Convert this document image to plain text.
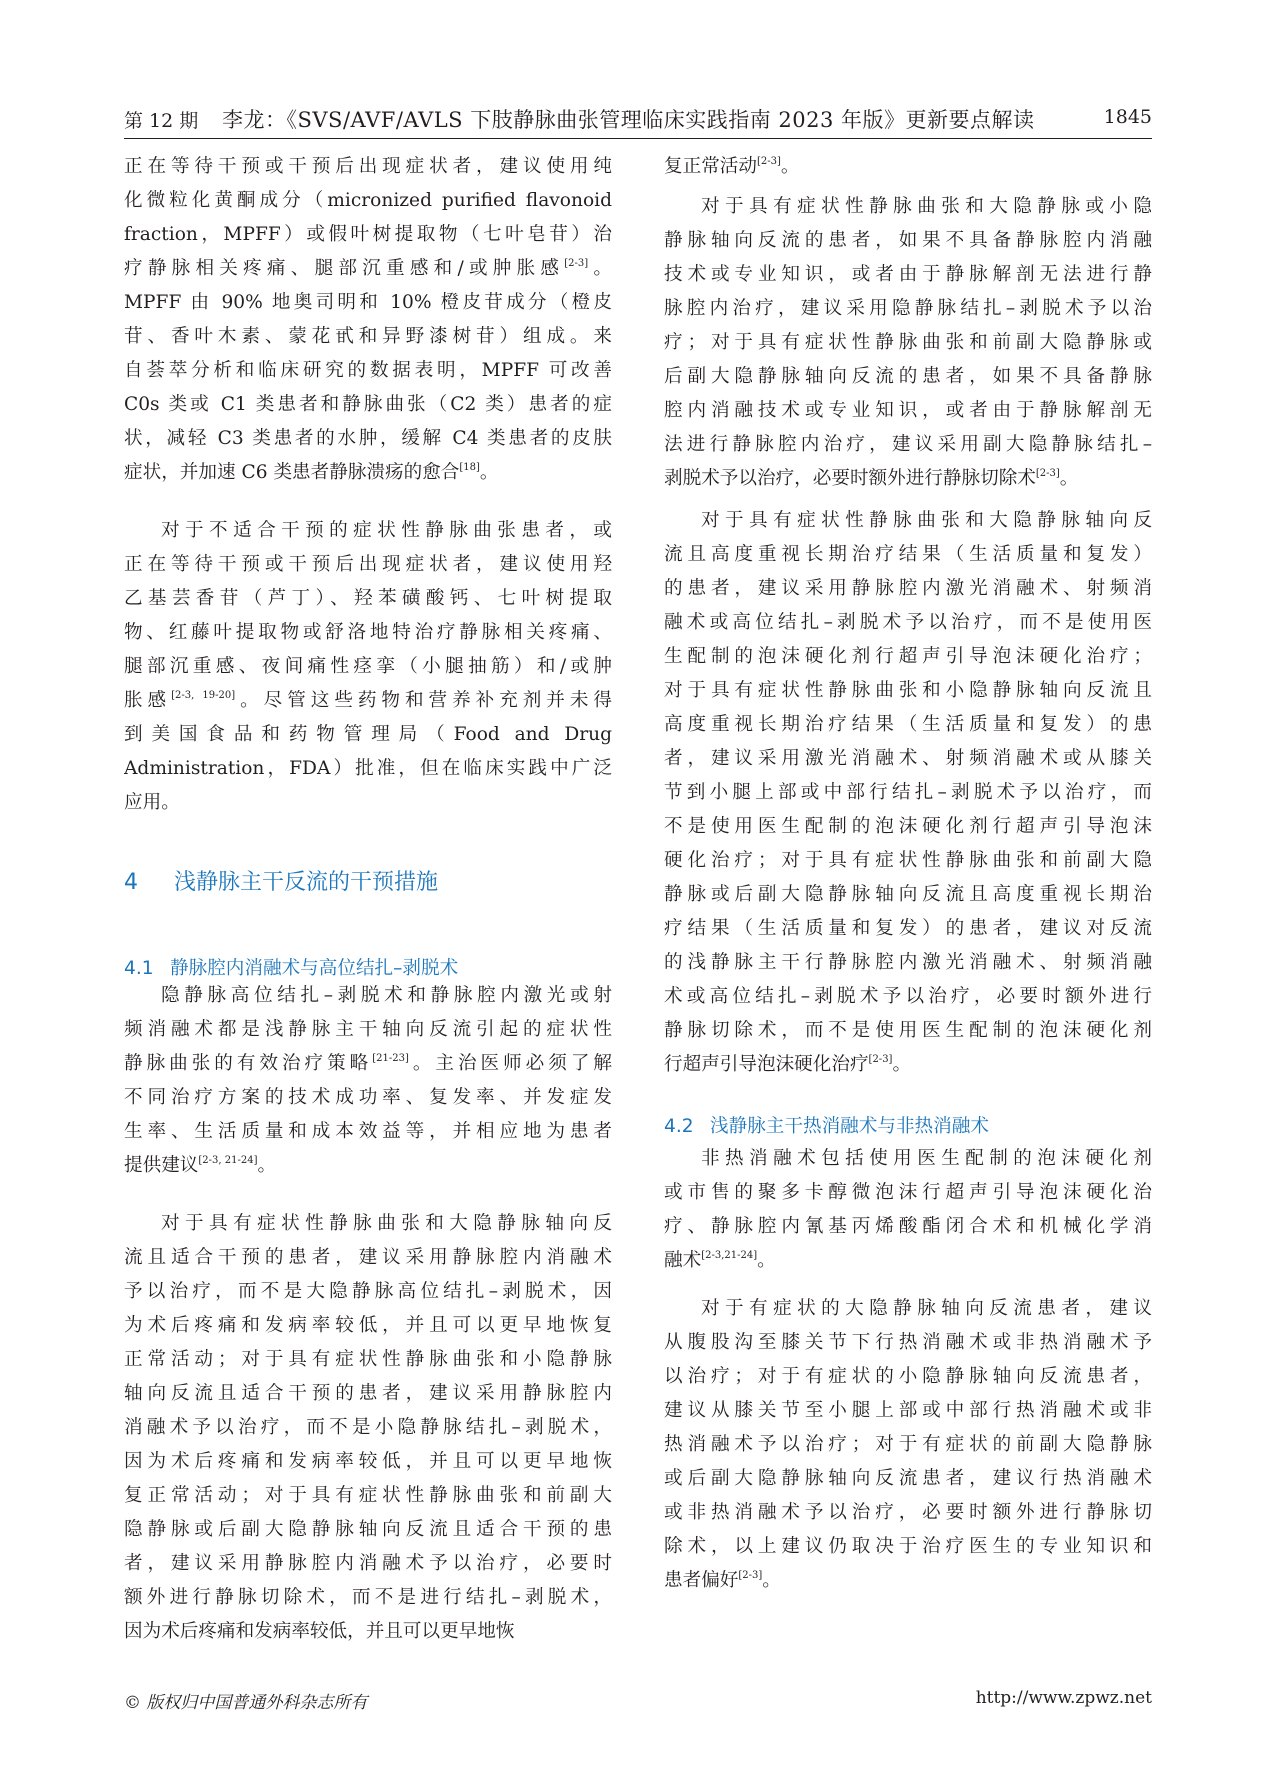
第 12 期 李龙：《SVS/AVF/AVLS 下肢静脉曲张管理临床实践指南 2023 年版》更新要点解读	1845
正在等待干预或干预后出现症状者，建议使用纯
化微粒化黄酮成分（micronized purified flavonoid
fraction，MPFF）或假叶树提取物（七叶皂苷）治
疗静脉相关疼痛、腿部沉重感和/或肿胀感[2-3]。
MPFF 由 90% 地奥司明和 10% 橙皮苷成分（橙皮
苷、香叶木素、蒙花甙和异野漆树苷）组成。来
自荟萃分析和临床研究的数据表明，MPFF 可改善
C0s 类或 C1 类患者和静脉曲张（C2 类）患者的症
状，减轻 C3 类患者的水肿，缓解 C4 类患者的皮肤
症状，并加速 C6 类患者静脉溃疡的愈合[18]。
对于不适合干预的症状性静脉曲张患者，或
正在等待干预或干预后出现症状者，建议使用羟
乙基芸香苷（芦丁）、羟苯磺酸钙、七叶树提取
物、红藤叶提取物或舒洛地特治疗静脉相关疼痛、
腿部沉重感、夜间痛性痉挛（小腿抽筋）和/或肿
胀感[2-3, 19-20]。尽管这些药物和营养补充剂并未得
到美国食品和药物管理局（Food and Drug
Administration，FDA）批准，但在临床实践中广泛
应用。
4 浅静脉主干反流的干预措施
4.1 静脉腔内消融术与高位结扎–剥脱术
隐静脉高位结扎–剥脱术和静脉腔内激光或射
频消融术都是浅静脉主干轴向反流引起的症状性
静脉曲张的有效治疗策略[21-23]。主治医师必须了解
不同治疗方案的技术成功率、复发率、并发症发
生率、生活质量和成本效益等，并相应地为患者
提供建议[2-3, 21-24]。
对于具有症状性静脉曲张和大隐静脉轴向反
流且适合干预的患者，建议采用静脉腔内消融术
予以治疗，而不是大隐静脉高位结扎–剥脱术，因
为术后疼痛和发病率较低，并且可以更早地恢复
正常活动；对于具有症状性静脉曲张和小隐静脉
轴向反流且适合干预的患者，建议采用静脉腔内
消融术予以治疗，而不是小隐静脉结扎–剥脱术，
因为术后疼痛和发病率较低，并且可以更早地恢
复正常活动；对于具有症状性静脉曲张和前副大
隐静脉或后副大隐静脉轴向反流且适合干预的患
者，建议采用静脉腔内消融术予以治疗，必要时
额外进行静脉切除术，而不是进行结扎–剥脱术，
因为术后疼痛和发病率较低，并且可以更早地恢
复正常活动[2-3]。
对于具有症状性静脉曲张和大隐静脉或小隐
静脉轴向反流的患者，如果不具备静脉腔内消融
技术或专业知识，或者由于静脉解剖无法进行静
脉腔内治疗，建议采用隐静脉结扎–剥脱术予以治
疗；对于具有症状性静脉曲张和前副大隐静脉或
后副大隐静脉轴向反流的患者，如果不具备静脉
腔内消融技术或专业知识，或者由于静脉解剖无
法进行静脉腔内治疗，建议采用副大隐静脉结扎–
剥脱术予以治疗，必要时额外进行静脉切除术[2-3]。
对于具有症状性静脉曲张和大隐静脉轴向反
流且高度重视长期治疗结果（生活质量和复发）
的患者，建议采用静脉腔内激光消融术、射频消
融术或高位结扎–剥脱术予以治疗，而不是使用医
生配制的泡沫硬化剂行超声引导泡沫硬化治疗；
对于具有症状性静脉曲张和小隐静脉轴向反流且
高度重视长期治疗结果（生活质量和复发）的患
者，建议采用激光消融术、射频消融术或从膝关
节到小腿上部或中部行结扎–剥脱术予以治疗，而
不是使用医生配制的泡沫硬化剂行超声引导泡沫
硬化治疗；对于具有症状性静脉曲张和前副大隐
静脉或后副大隐静脉轴向反流且高度重视长期治
疗结果（生活质量和复发）的患者，建议对反流
的浅静脉主干行静脉腔内激光消融术、射频消融
术或高位结扎–剥脱术予以治疗，必要时额外进行
静脉切除术，而不是使用医生配制的泡沫硬化剂
行超声引导泡沫硬化治疗[2-3]。
4.2 浅静脉主干热消融术与非热消融术
非热消融术包括使用医生配制的泡沫硬化剂
或市售的聚多卡醇微泡沫行超声引导泡沫硬化治
疗、静脉腔内氰基丙烯酸酯闭合术和机械化学消
融术[2-3,21-24]。
对于有症状的大隐静脉轴向反流患者，建议
从腹股沟至膝关节下行热消融术或非热消融术予
以治疗；对于有症状的小隐静脉轴向反流患者，
建议从膝关节至小腿上部或中部行热消融术或非
热消融术予以治疗；对于有症状的前副大隐静脉
或后副大隐静脉轴向反流患者，建议行热消融术
或非热消融术予以治疗，必要时额外进行静脉切
除术，以上建议仍取决于治疗医生的专业知识和
患者偏好[2-3]。
© 版权归中国普通外科杂志所有	http://www.zpwz.net
